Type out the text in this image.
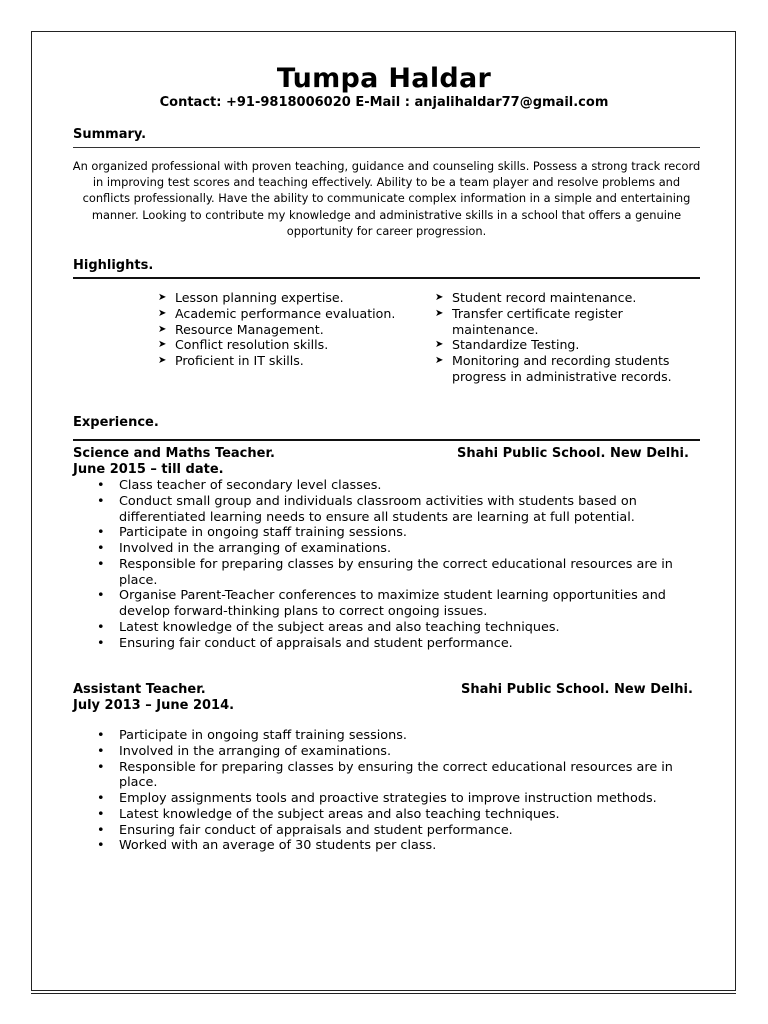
Tumpa Haldar
Contact: +91-9818006020 E-Mail : anjalihaldar77@gmail.com
Summary.
An organized professional with proven teaching, guidance and counseling skills. Possess a strong track record in improving test scores and teaching effectively. Ability to be a team player and resolve problems and conflicts professionally. Have the ability to communicate complex information in a simple and entertaining manner. Looking to contribute my knowledge and administrative skills in a school that offers a genuine opportunity for career progression.
Highlights.
➤ Lesson planning expertise.
➤ Academic performance evaluation.
➤ Resource Management.
➤ Conflict resolution skills.
➤ Proficient in IT skills.
➤ Student record maintenance.
➤ Transfer certificate register maintenance.
➤ Standardize Testing.
➤ Monitoring and recording students progress in administrative records.
Experience.
Science and Maths Teacher.	Shahi Public School. New Delhi.
June 2015 – till date.
• Class teacher of secondary level classes.
• Conduct small group and individuals classroom activities with students based on differentiated learning needs to ensure all students are learning at full potential.
• Participate in ongoing staff training sessions.
• Involved in the arranging of examinations.
• Responsible for preparing classes by ensuring the correct educational resources are in place.
• Organise Parent-Teacher conferences to maximize student learning opportunities and develop forward-thinking plans to correct ongoing issues.
• Latest knowledge of the subject areas and also teaching techniques.
• Ensuring fair conduct of appraisals and student performance.
Assistant Teacher.	Shahi Public School. New Delhi.
July 2013 – June 2014.
• Participate in ongoing staff training sessions.
• Involved in the arranging of examinations.
• Responsible for preparing classes by ensuring the correct educational resources are in place.
• Employ assignments tools and proactive strategies to improve instruction methods.
• Latest knowledge of the subject areas and also teaching techniques.
• Ensuring fair conduct of appraisals and student performance.
• Worked with an average of 30 students per class.
